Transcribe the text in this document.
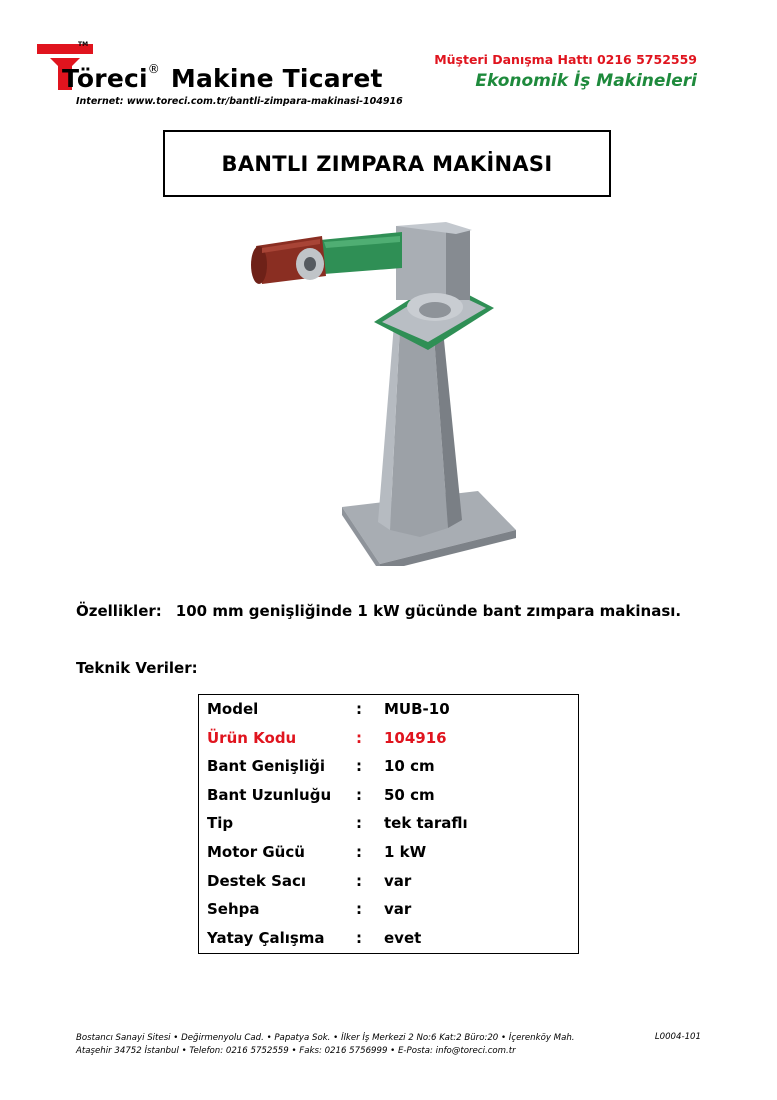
TM
Töreci® Makine Ticaret
Internet: www.toreci.com.tr/bantli-zimpara-makinasi-104916
Müşteri Danışma Hattı 0216 5752559
Ekonomik İş Makineleri
BANTLI ZIMPARA MAKİNASI
Özellikler: 100 mm genişliğinde 1 kW gücünde bant zımpara makinası.
Teknik Veriler:
Model	: MUB-10
Ürün Kodu	: 104916
Bant Genişliği : 10 cm
Bant Uzunluğu : 50 cm
Tip	: tek taraflı
Motor Gücü	: 1 kW
Destek Sacı	: var
Sehpa	: var
Yatay Çalışma : evet
Bostancı Sanayi Sitesi • Değirmenyolu Cad. • Papatya Sok. • İlker İş Merkezi 2 No:6 Kat:2 Büro:20 • İçerenköy Mah.
Ataşehir 34752 İstanbul • Telefon: 0216 5752559 • Faks: 0216 5756999 • E-Posta: info@toreci.com.tr
L0004-101
